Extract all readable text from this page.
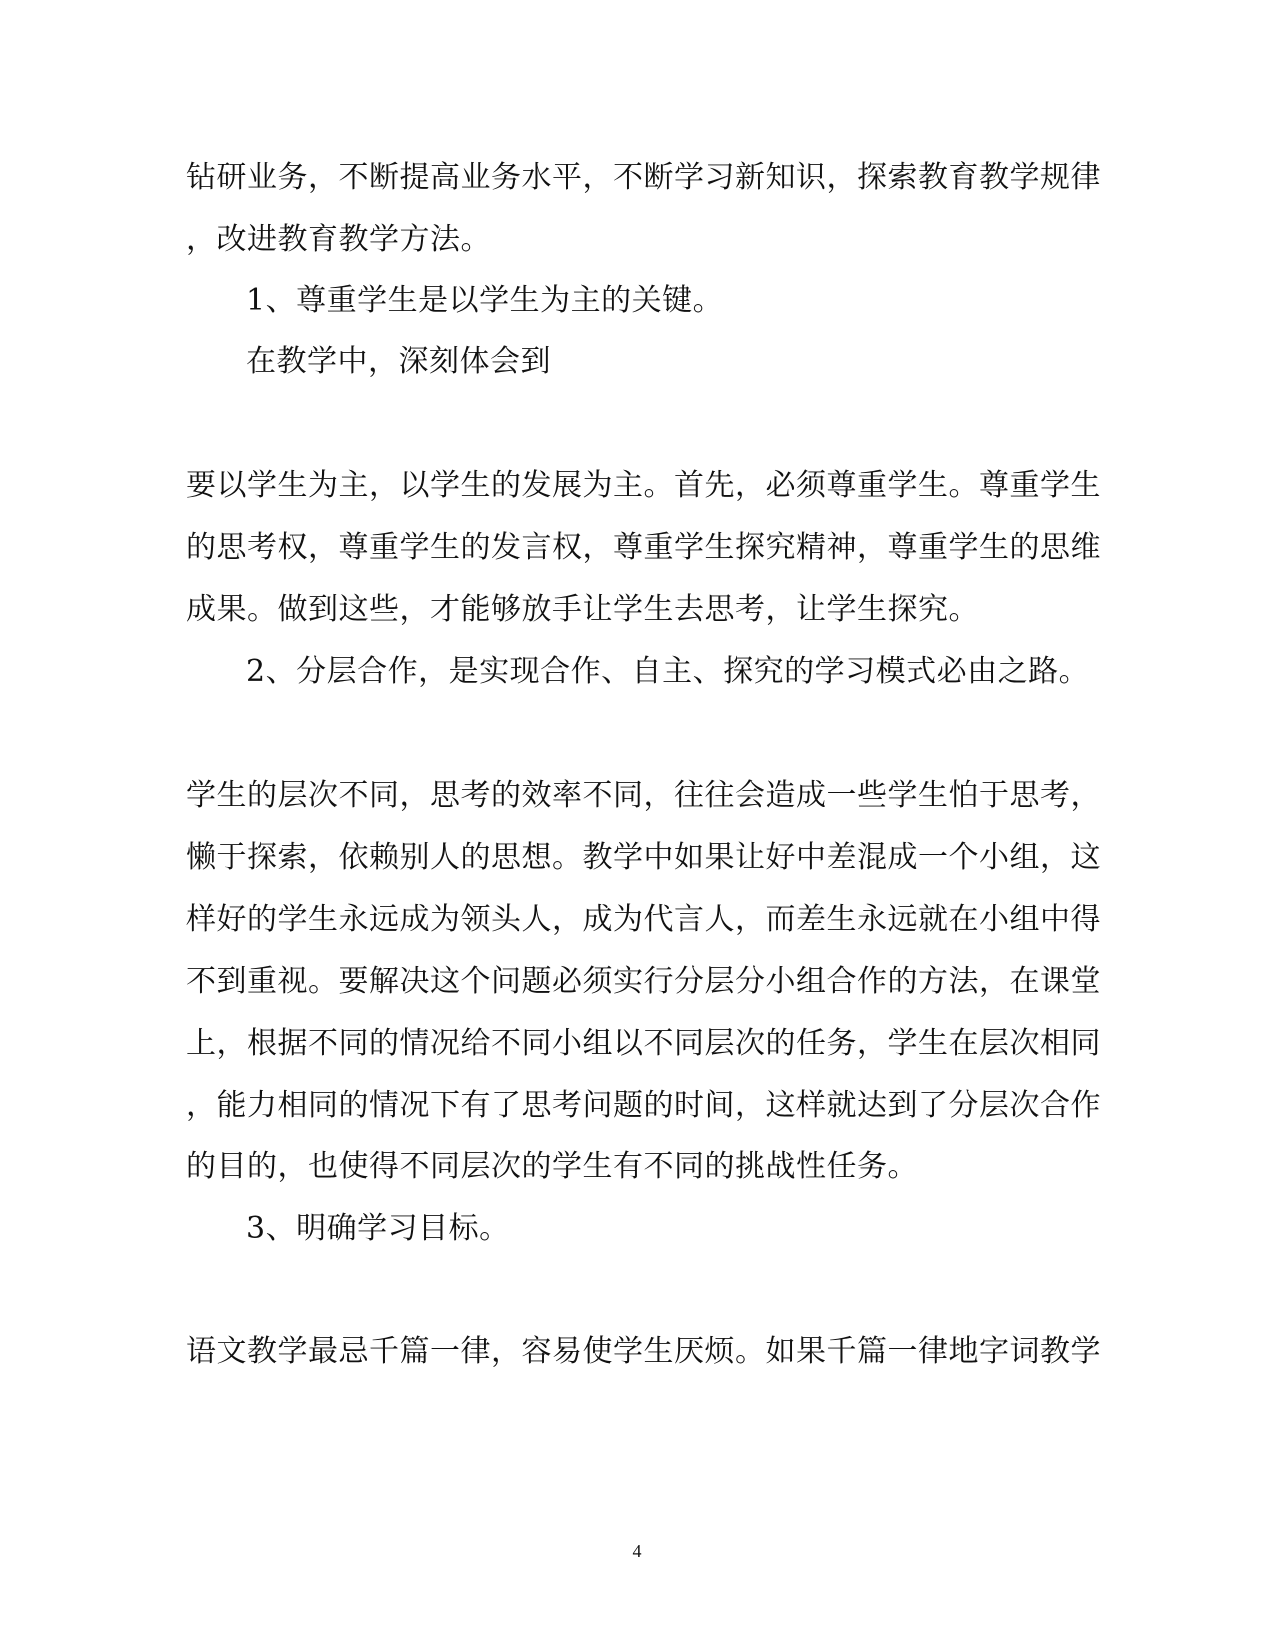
钻研业务，不断提高业务水平，不断学习新知识，探索教育教学规律
，改进教育教学方法。
1、尊重学生是以学生为主的关键。
在教学中，深刻体会到
要以学生为主，以学生的发展为主。首先，必须尊重学生。尊重学生
的思考权，尊重学生的发言权，尊重学生探究精神，尊重学生的思维
成果。做到这些，才能够放手让学生去思考，让学生探究。
2、分层合作，是实现合作、自主、探究的学习模式必由之路。
学生的层次不同，思考的效率不同，往往会造成一些学生怕于思考，
懒于探索，依赖别人的思想。教学中如果让好中差混成一个小组，这
样好的学生永远成为领头人，成为代言人，而差生永远就在小组中得
不到重视。要解决这个问题必须实行分层分小组合作的方法，在课堂
上，根据不同的情况给不同小组以不同层次的任务，学生在层次相同
，能力相同的情况下有了思考问题的时间，这样就达到了分层次合作
的目的，也使得不同层次的学生有不同的挑战性任务。
3、明确学习目标。
语文教学最忌千篇一律，容易使学生厌烦。如果千篇一律地字词教学
4
